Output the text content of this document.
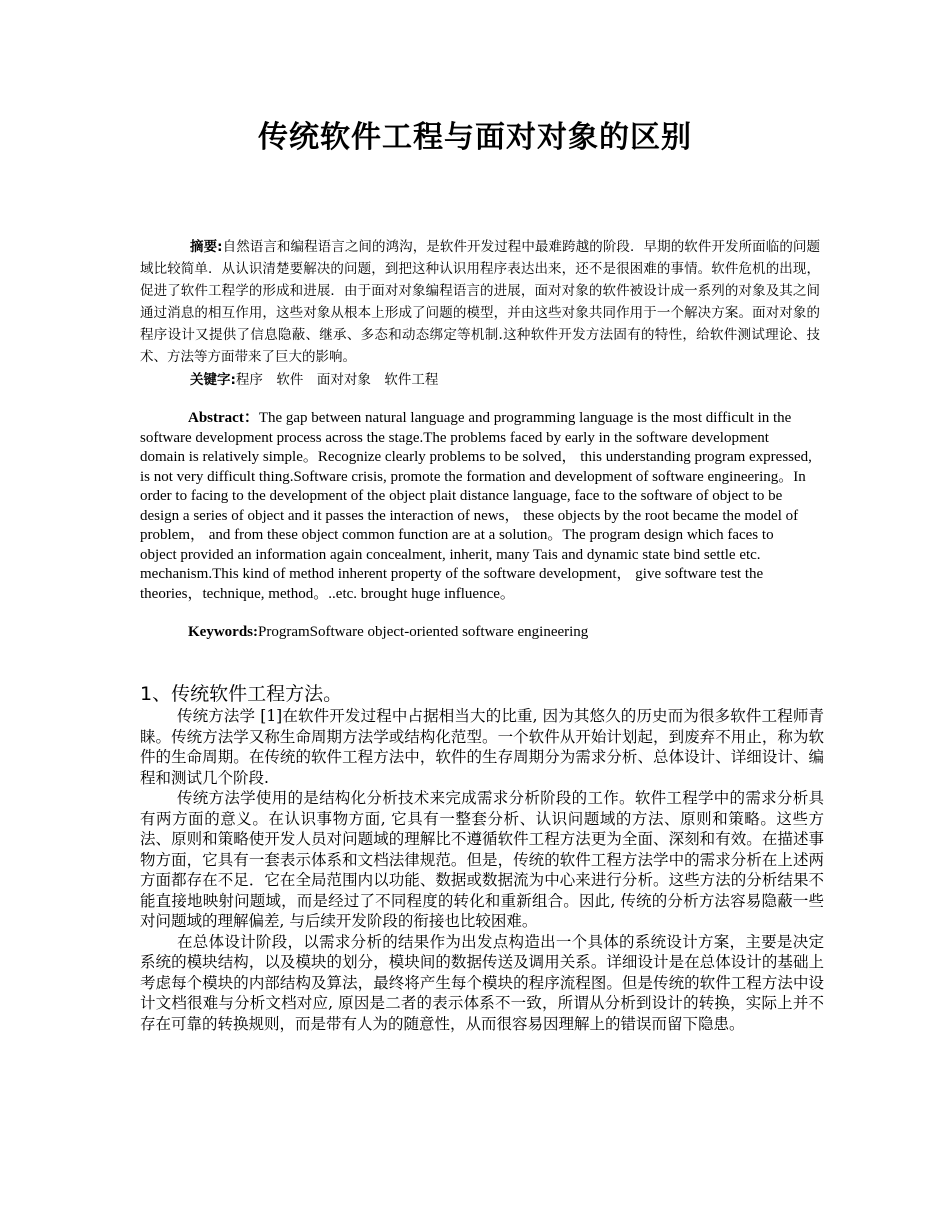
传统软件工程与面对对象的区别
摘要:自然语言和编程语言之间的鸿沟，是软件开发过程中最难跨越的阶段．早期的软件开发所面临的问题域比较简单．从认识清楚要解决的问题，到把这种认识用程序表达出来，还不是很困难的事情。软件危机的出现，促进了软件工程学的形成和进展．由于面对对象编程语言的进展，面对对象的软件被设计成一系列的对象及其之间通过消息的相互作用，这些对象从根本上形成了问题的模型，并由这些对象共同作用于一个解决方案。面对对象的程序设计又提供了信息隐蔽、继承、多态和动态绑定等机制.这种软件开发方法固有的特性，给软件测试理论、技术、方法等方面带来了巨大的影响。
关键字:程序　软件　面对对象　软件工程
Abstract：The gap between natural language and programming language is the most difficult in the software development process across the stage.The problems faced by early in the software development domain is relatively simple。Recognize clearly problems to be solved， this understanding program expressed, is not very difficult thing.Software crisis, promote the formation and development of software engineering。In order to facing to the development of the object plait distance language, face to the software of object to be design a series of object and it passes the interaction of news， these objects by the root became the model of problem， and from these object common function are at a solution。The program design which faces to object provided an information again concealment, inherit, many Tais and dynamic state bind settle etc. mechanism.This kind of method inherent property of the software development， give software test the theories，technique, method。..etc. brought huge influence。
Keywords:ProgramSoftware object-oriented software engineering
1、传统软件工程方法。

传统方法学 [1]在软件开发过程中占据相当大的比重, 因为其悠久的历史而为很多软件工程师青睐。传统方法学又称生命周期方法学或结构化范型。一个软件从开始计划起，到废弃不用止，称为软件的生命周期。在传统的软件工程方法中，软件的生存周期分为需求分析、总体设计、详细设计、编程和测试几个阶段.

传统方法学使用的是结构化分析技术来完成需求分析阶段的工作。软件工程学中的需求分析具有两方面的意义。在认识事物方面, 它具有一整套分析、认识问题域的方法、原则和策略。这些方法、原则和策略使开发人员对问题域的理解比不遵循软件工程方法更为全面、深刻和有效。在描述事物方面，它具有一套表示体系和文档法律规范。但是，传统的软件工程方法学中的需求分析在上述两方面都存在不足．它在全局范围内以功能、数据或数据流为中心来进行分析。这些方法的分析结果不能直接地映射问题域，而是经过了不同程度的转化和重新组合。因此, 传统的分析方法容易隐蔽一些对问题域的理解偏差, 与后续开发阶段的衔接也比较困难。

在总体设计阶段，以需求分析的结果作为出发点构造出一个具体的系统设计方案，主要是决定系统的模块结构，以及模块的划分，模块间的数据传送及调用关系。详细设计是在总体设计的基础上考虑每个模块的内部结构及算法，最终将产生每个模块的程序流程图。但是传统的软件工程方法中设计文档很难与分析文档对应, 原因是二者的表示体系不一致，所谓从分析到设计的转换，实际上并不存在可靠的转换规则，而是带有人为的随意性，从而很容易因理解上的错误而留下隐患。
